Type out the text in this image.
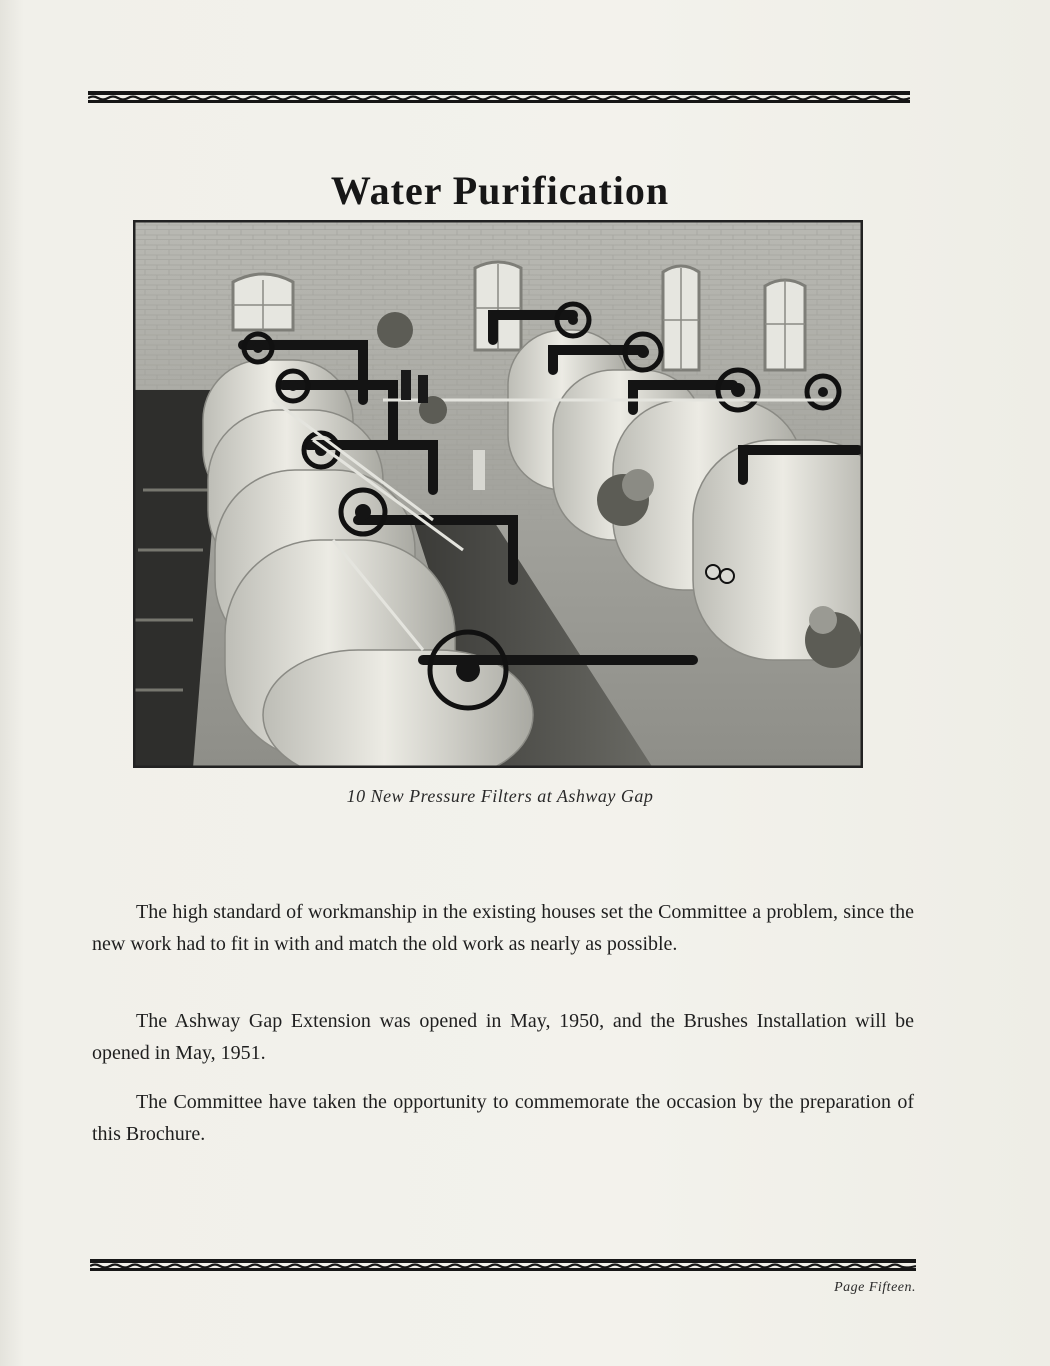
Water Purification
10 New Pressure Filters at Ashway Gap

The high standard of workmanship in the existing houses set the Committee a problem, since the new work had to fit in with and match the old work as nearly as possible.

The Ashway Gap Extension was opened in May, 1950, and the Brushes Installation will be opened in May, 1951.

The Committee have taken the opportunity to commemorate the occasion by the preparation of this Brochure.

Page Fifteen.
